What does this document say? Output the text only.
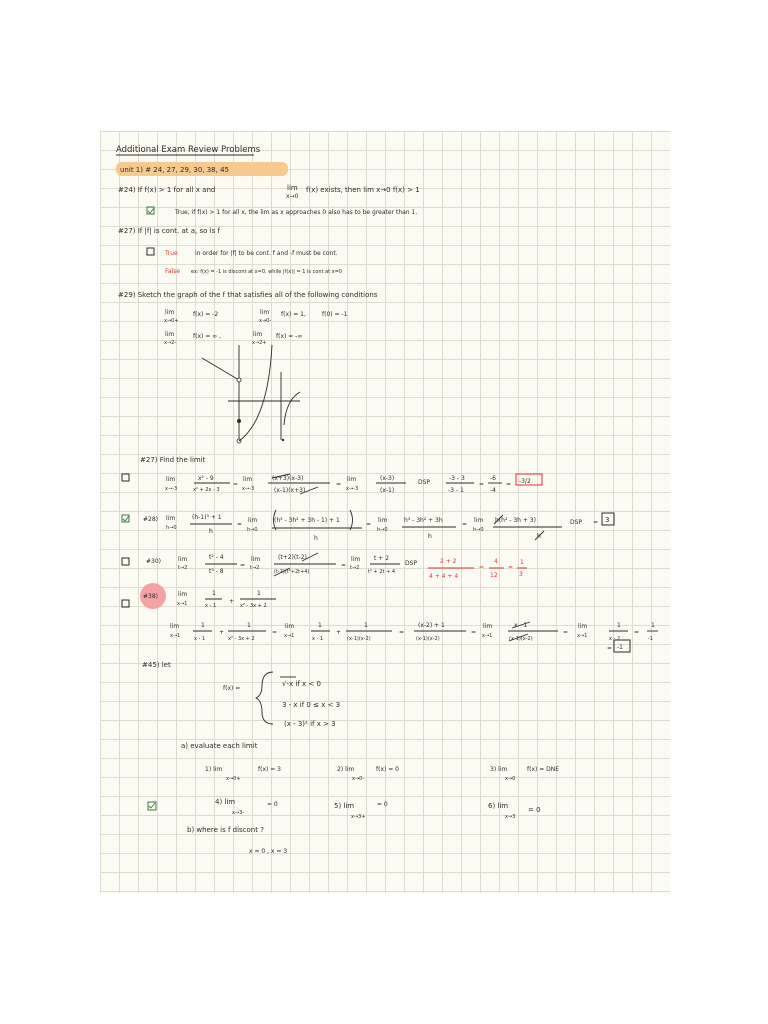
Additional Exam Review Problems
unit 1) # 24, 27, 29, 30, 38, 45
#24) If f(x) > 1 for all x and	lim
x→0
f(x) exists, then lim x→0 f(x) > 1
True, if f(x) > 1 for all x, the lim as x approaches 0 also has to be greater than 1.
#27) If |f| is cont. at a, so is f
True	in order for |f| to be cont. f and -f must be cont.
False ex: f(x) = -1 is discont at x=0, while |f(x)| = 1 is cont at x=0
#29) Sketch the graph of the f that satisfies all of the following conditions
lim
x→0+
f(x) = -2	lim
x→0-
f(x) = 1,	f(0) = -1
lim
x→2-
f(x) = ∞ ,	lim
x→2+
f(x) = -∞
#27) Find the limit
lim
x→-3
x² - 9
x² + 2x - 3
=
lim
x→-3
(x+3)(x-3)
(x-1)(x+3)
=
lim
x→-3
(x-3)
(x-1)
DSP
-3 - 3
-3 - 1
=
-6
-4
= -3/2
#28) lim
h→0
(h-1)³ + 1
h
=
lim
h→0
(h³ - 3h² + 3h - 1) + 1
h
=
lim
h→0
h³ - 3h² + 3h
h
=
lim
h→0
h(h² - 3h + 3)
h
DSP = 3
#30)	lim
t→2
t² - 4
t³ - 8
=
lim
t→2
(t+2)(t-2)
(t-2)(t²+2t+4)
=
lim
t→2
t + 2
t² + 2t + 4
DSP	2 + 2
4 + 4 + 4
=
4
12
=
1
3
#38)	lim
x→1
1
x - 1
+
1
x² - 3x + 2
lim
x→1
1
x - 1
+
1
x² - 3x + 2
=
lim
x→1
1
x - 1
+
1
(x-1)(x-2)
=
(x-2) + 1
(x-1)(x-2)
=
lim
x→1
x - 1
(x-1)(x-2)
=
lim
x→1
1
x - 2
=
1
-1
= -1
#45) let
f(x) =
√-x if x < 0
3 - x if 0 ≤ x < 3
(x - 3)² if x > 3
a) evaluate each limit
1) lim
x→0+
f(x) = 3	2) lim
x→0-
f(x) = 0	3) lim
x→0
f(x) = DNE
4) lim
x→3-
= 0	5) lim
x→3+
= 0	6) lim
x→3
= 0
b) where is f discont ?
x = 0 , x = 3
